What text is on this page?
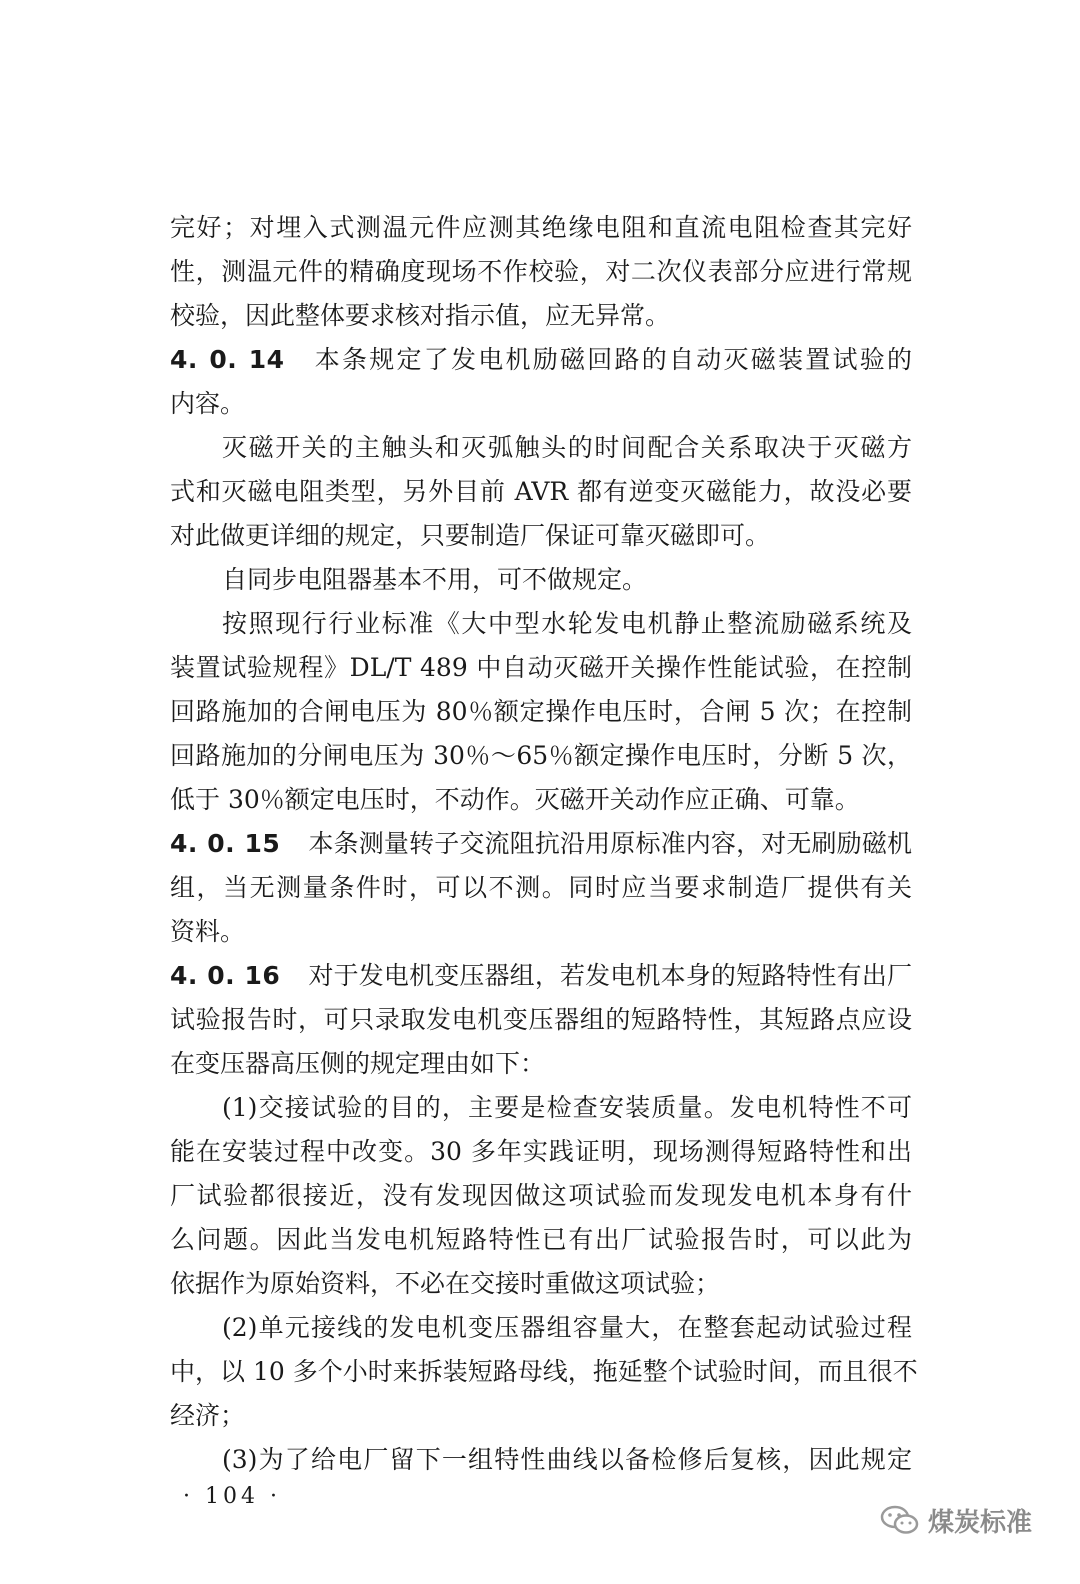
完好；对埋入式测温元件应测其绝缘电阻和直流电阻检查其完好
性，测温元件的精确度现场不作校验，对二次仪表部分应进行常规
校验，因此整体要求核对指示值，应无异常。
4. 0. 14 本条规定了发电机励磁回路的自动灭磁装置试验的
内容。
灭磁开关的主触头和灭弧触头的时间配合关系取决于灭磁方
式和灭磁电阻类型，另外目前 AVR 都有逆变灭磁能力，故没必要
对此做更详细的规定，只要制造厂保证可靠灭磁即可。
自同步电阻器基本不用，可不做规定。
按照现行行业标准《大中型水轮发电机静止整流励磁系统及
装置试验规程》DL/T 489 中自动灭磁开关操作性能试验，在控制
回路施加的合闸电压为 80％额定操作电压时，合闸 5 次；在控制
回路施加的分闸电压为 30％～65％额定操作电压时，分断 5 次，
低于 30％额定电压时，不动作。灭磁开关动作应正确、可靠。
4. 0. 15 本条测量转子交流阻抗沿用原标准内容，对无刷励磁机
组，当无测量条件时，可以不测。同时应当要求制造厂提供有关
资料。
4. 0. 16 对于发电机变压器组，若发电机本身的短路特性有出厂
试验报告时，可只录取发电机变压器组的短路特性，其短路点应设
在变压器高压侧的规定理由如下：
(1)交接试验的目的，主要是检查安装质量。发电机特性不可
能在安装过程中改变。30 多年实践证明，现场测得短路特性和出
厂试验都很接近，没有发现因做这项试验而发现发电机本身有什
么问题。因此当发电机短路特性已有出厂试验报告时，可以此为
依据作为原始资料，不必在交接时重做这项试验；
(2)单元接线的发电机变压器组容量大，在整套起动试验过程
中，以 10 多个小时来拆装短路母线，拖延整个试验时间，而且很不
经济；
(3)为了给电厂留下一组特性曲线以备检修后复核，因此规定
· 104 ·
煤炭标准
